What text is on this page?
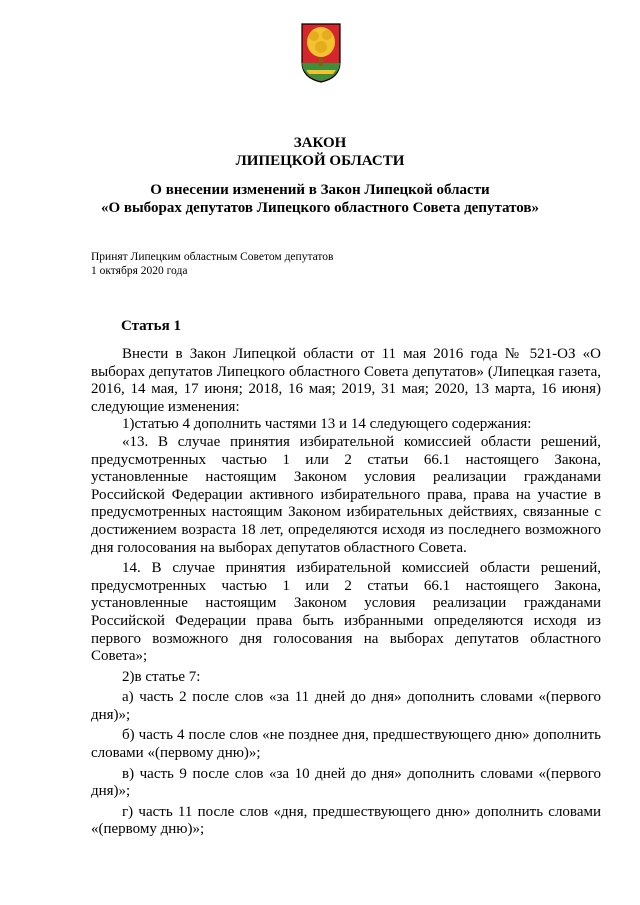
ЗАКОН
ЛИПЕЦКОЙ ОБЛАСТИ
О внесении изменений в Закон Липецкой области
«О выборах депутатов Липецкого областного Совета депутатов»
Принят Липецким областным Советом депутатов
1 октября 2020 года
Статья 1

Внести в Закон Липецкой области от 11 мая 2016 года № 521-ОЗ «О выборах депутатов Липецкого областного Совета депутатов» (Липецкая газета, 2016, 14 мая, 17 июня; 2018, 16 мая; 2019, 31 мая; 2020, 13 марта, 16 июня) следующие изменения:

1)статью 4 дополнить частями 13 и 14 следующего содержания:

«13. В случае принятия избирательной комиссией области решений, предусмотренных частью 1 или 2 статьи 66.1 настоящего Закона, установленные настоящим Законом условия реализации гражданами Российской Федерации активного избирательного права, права на участие в предусмотренных настоящим Законом избирательных действиях, связанные с достижением возраста 18 лет, определяются исходя из последнего возможного дня голосования на выборах депутатов областного Совета.

14. В случае принятия избирательной комиссией области решений, предусмотренных частью 1 или 2 статьи 66.1 настоящего Закона, установленные настоящим Законом условия реализации гражданами Российской Федерации права быть избранными определяются исходя из первого возможного дня голосования на выборах депутатов областного Совета»;

2)в статье 7:

а) часть 2 после слов «за 11 дней до дня» дополнить словами «(первого дня)»;

б) часть 4 после слов «не позднее дня, предшествующего дню» дополнить словами «(первому дню)»;

в) часть 9 после слов «за 10 дней до дня» дополнить словами «(первого дня)»;

г) часть 11 после слов «дня, предшествующего дню» дополнить словами «(первому дню)»;
